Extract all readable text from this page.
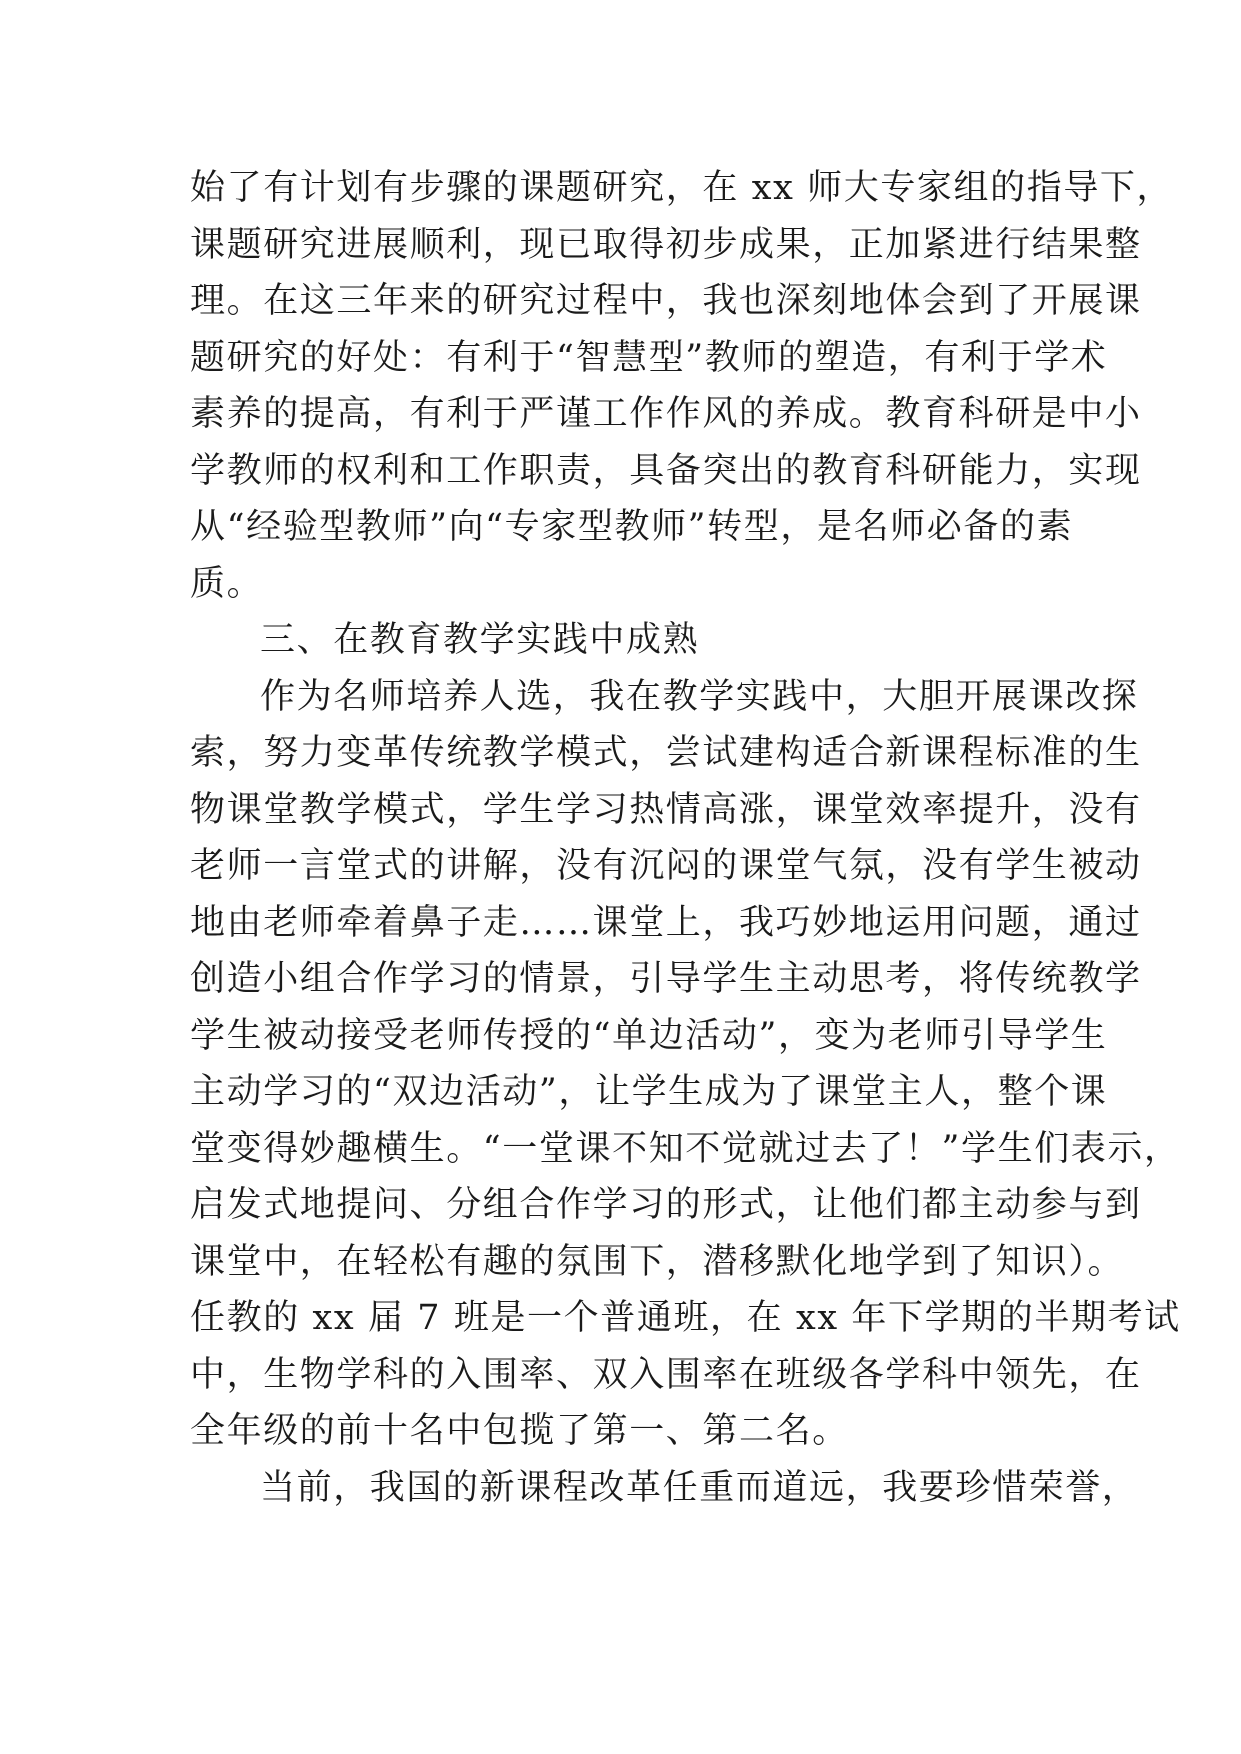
始了有计划有步骤的课题研究，在 xx 师大专家组的指导下，
课题研究进展顺利，现已取得初步成果，正加紧进行结果整
理。在这三年来的研究过程中，我也深刻地体会到了开展课
题研究的好处：有利于“智慧型”教师的塑造，有利于学术
素养的提高，有利于严谨工作作风的养成。教育科研是中小
学教师的权利和工作职责，具备突出的教育科研能力，实现
从“经验型教师”向“专家型教师”转型，是名师必备的素
质。
三、在教育教学实践中成熟
作为名师培养人选，我在教学实践中，大胆开展课改探
索，努力变革传统教学模式，尝试建构适合新课程标准的生
物课堂教学模式，学生学习热情高涨，课堂效率提升，没有
老师一言堂式的讲解，没有沉闷的课堂气氛，没有学生被动
地由老师牵着鼻子走……课堂上，我巧妙地运用问题，通过
创造小组合作学习的情景，引导学生主动思考，将传统教学
学生被动接受老师传授的“单边活动”，变为老师引导学生
主动学习的“双边活动”，让学生成为了课堂主人，整个课
堂变得妙趣横生。“一堂课不知不觉就过去了！”学生们表示，
启发式地提问、分组合作学习的形式，让他们都主动参与到
课堂中，在轻松有趣的氛围下，潜移默化地学到了知识）。
任教的 xx 届 7 班是一个普通班，在 xx 年下学期的半期考试
中，生物学科的入围率、双入围率在班级各学科中领先，在
全年级的前十名中包揽了第一、第二名。
当前，我国的新课程改革任重而道远，我要珍惜荣誉，
